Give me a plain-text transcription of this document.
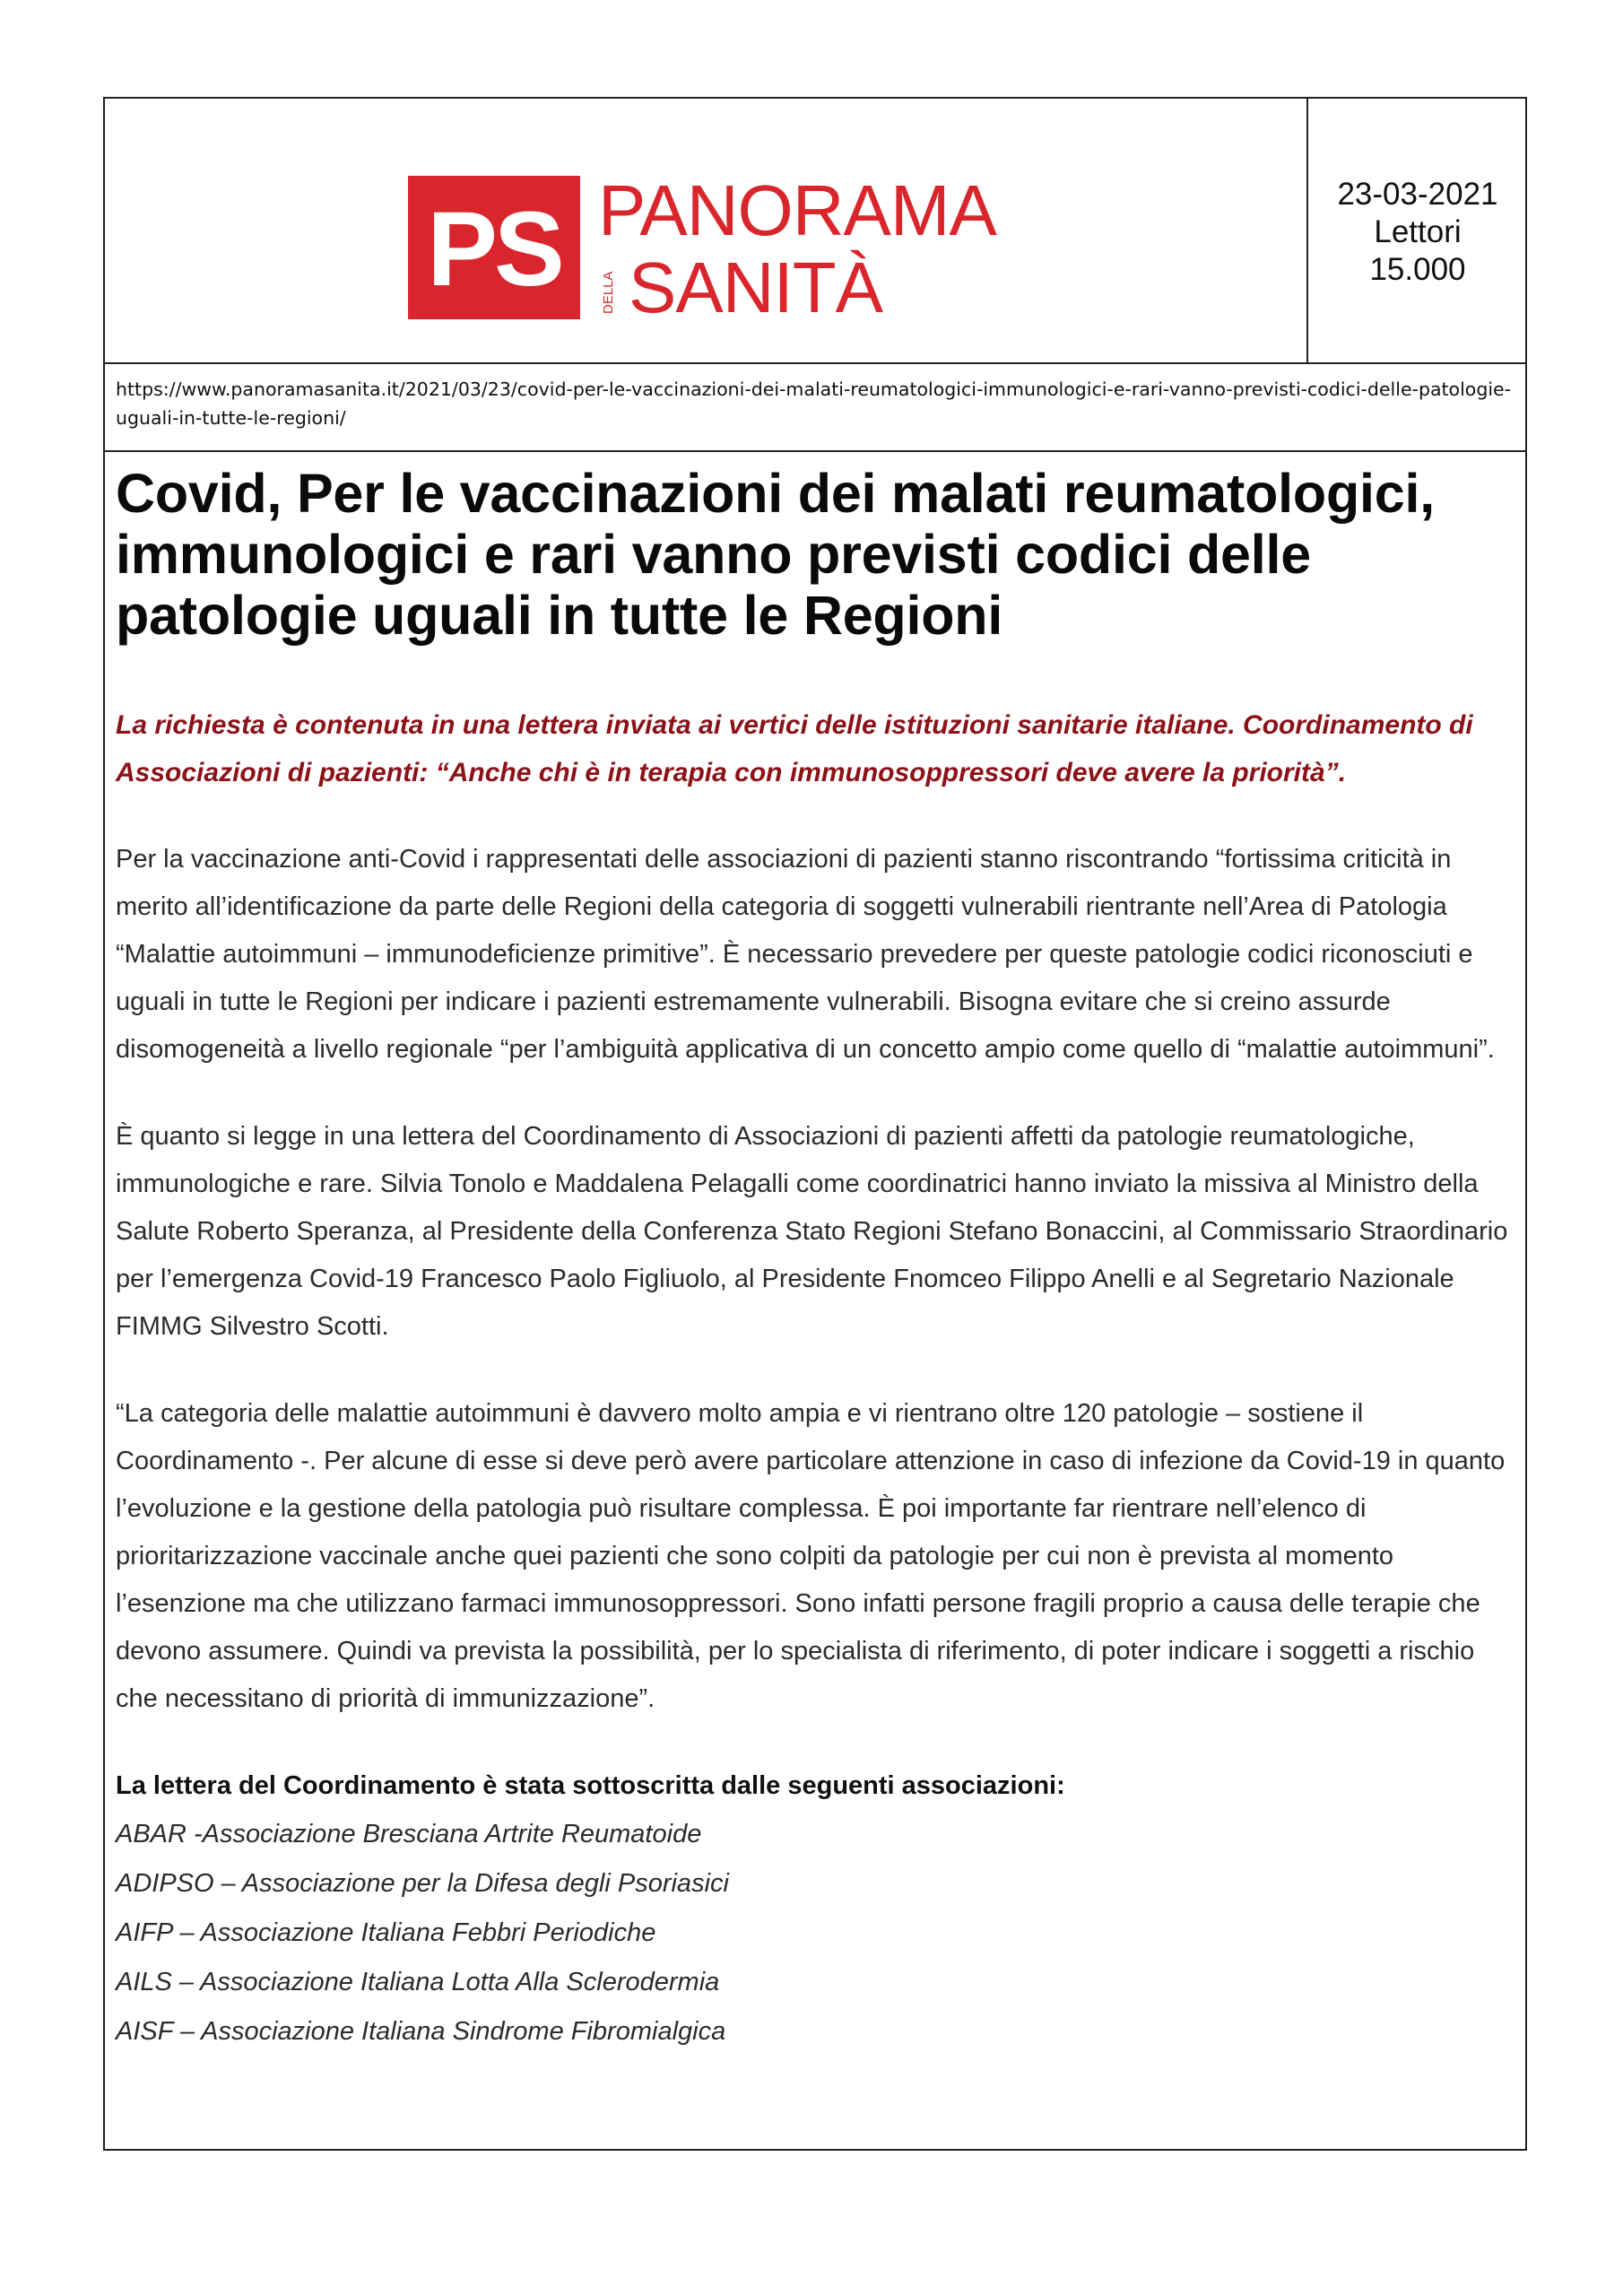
PS PANORAMA
DELLA SANITÀ
23-03-2021
Lettori
15.000
https://www.panoramasanita.it/2021/03/23/covid-per-le-vaccinazioni-dei-malati-reumatologici-immunologici-e-rari-vanno-previsti-codici-delle-patologie-uguali-in-tutte-le-regioni/
Covid, Per le vaccinazioni dei malati reumatologici, immunologici e rari vanno previsti codici delle patologie uguali in tutte le Regioni

La richiesta è contenuta in una lettera inviata ai vertici delle istituzioni sanitarie italiane. Coordinamento di Associazioni di pazienti: “Anche chi è in terapia con immunosoppressori deve avere la priorità”.

Per la vaccinazione anti-Covid i rappresentati delle associazioni di pazienti stanno riscontrando “fortissima criticità in merito all’identificazione da parte delle Regioni della categoria di soggetti vulnerabili rientrante nell’Area di Patologia “Malattie autoimmuni – immunodeficienze primitive”. È necessario prevedere per queste patologie codici riconosciuti e uguali in tutte le Regioni per indicare i pazienti estremamente vulnerabili. Bisogna evitare che si creino assurde disomogeneità a livello regionale “per l’ambiguità applicativa di un concetto ampio come quello di “malattie autoimmuni”.

È quanto si legge in una lettera del Coordinamento di Associazioni di pazienti affetti da patologie reumatologiche, immunologiche e rare. Silvia Tonolo e Maddalena Pelagalli come coordinatrici hanno inviato la missiva al Ministro della Salute Roberto Speranza, al Presidente della Conferenza Stato Regioni Stefano Bonaccini, al Commissario Straordinario per l’emergenza Covid-19 Francesco Paolo Figliuolo, al Presidente Fnomceo Filippo Anelli e al Segretario Nazionale FIMMG Silvestro Scotti.

“La categoria delle malattie autoimmuni è davvero molto ampia e vi rientrano oltre 120 patologie – sostiene il Coordinamento -. Per alcune di esse si deve però avere particolare attenzione in caso di infezione da Covid-19 in quanto l’evoluzione e la gestione della patologia può risultare complessa. È poi importante far rientrare nell’elenco di prioritarizzazione vaccinale anche quei pazienti che sono colpiti da patologie per cui non è prevista al momento l’esenzione ma che utilizzano farmaci immunosoppressori. Sono infatti persone fragili proprio a causa delle terapie che devono assumere. Quindi va prevista la possibilità, per lo specialista di riferimento, di poter indicare i soggetti a rischio che necessitano di priorità di immunizzazione”.

La lettera del Coordinamento è stata sottoscritta dalle seguenti associazioni:

ABAR -Associazione Bresciana Artrite Reumatoide
ADIPSO – Associazione per la Difesa degli Psoriasici
AIFP – Associazione Italiana Febbri Periodiche
AILS – Associazione Italiana Lotta Alla Sclerodermia
AISF – Associazione Italiana Sindrome Fibromialgica
